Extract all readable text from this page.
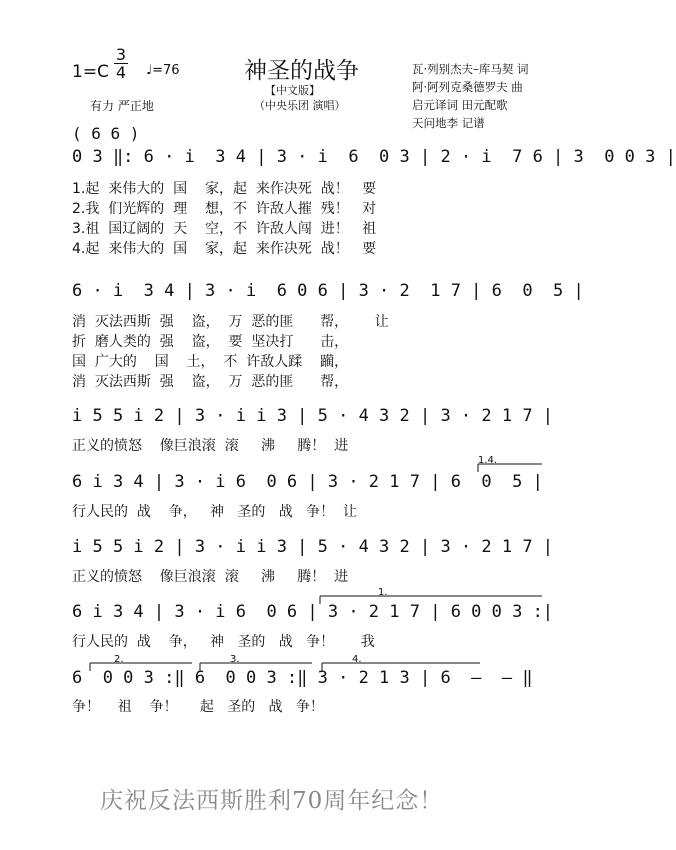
$1=C \frac{3}{4}$ ♩=76	神圣的战争
【中文版】
（中央乐团 演唱）
有力 严正地
瓦·列别杰夫–库马契 词
阿·阿列克桑德罗夫 曲
启元译词 田元配歌
天问地李 记谱
( 6 6 )
0 3 ‖: 6 · i  3 4 | 3 · i  6  0 3 | 2 · i  7 6 | 3  0 0 3 |
1.起  来伟大的  国    家，起  来作决死  战！   要
2.我  们光辉的  理    想，不  许敌人摧  残！   对
3.祖  国辽阔的  天    空，不  许敌人闯  进！   祖
4.起  来伟大的  国    家，起  来作决死  战！   要
6 · i  3 4 | 3 · i  6 0 6 | 3 · 2  1 7 | 6  0  5 |
消  灭法西斯  强    盗，  万  恶的匪      帮，      让
折  磨人类的  强    盗，  要  坚决打      击，
国  广大的    国    土，  不  许敌人蹂    躏，
消  灭法西斯  强    盗，  万  恶的匪      帮，
i 5 5 i 2 | 3 · i i 3 | 5 · 4 3 2 | 3 · 2 1 7 |
正义的愤怒    像巨浪滚  滚     沸     腾！  进
1.4.
6 i 3 4 | 3 · i 6  0 6 | 3 · 2 1 7 | 6  0  5 |
行人民的  战    争，   神   圣的   战   争！  让
i 5 5 i 2 | 3 · i i 3 | 5 · 4 3 2 | 3 · 2 1 7 |
正义的愤怒    像巨浪滚  滚     沸     腾！  进
1.
6 i 3 4 | 3 · i 6  0 6 | 3 · 2 1 7 | 6 0 0 3 :|
行人民的  战    争，   神   圣的   战   争！      我
2.	3.	4.
6  0 0 3 :‖ 6  0 0 3 :‖ 3 · 2 1 3 | 6  –  – ‖
争！    祖    争！     起   圣的   战   争！
庆祝反法西斯胜利70周年纪念！
